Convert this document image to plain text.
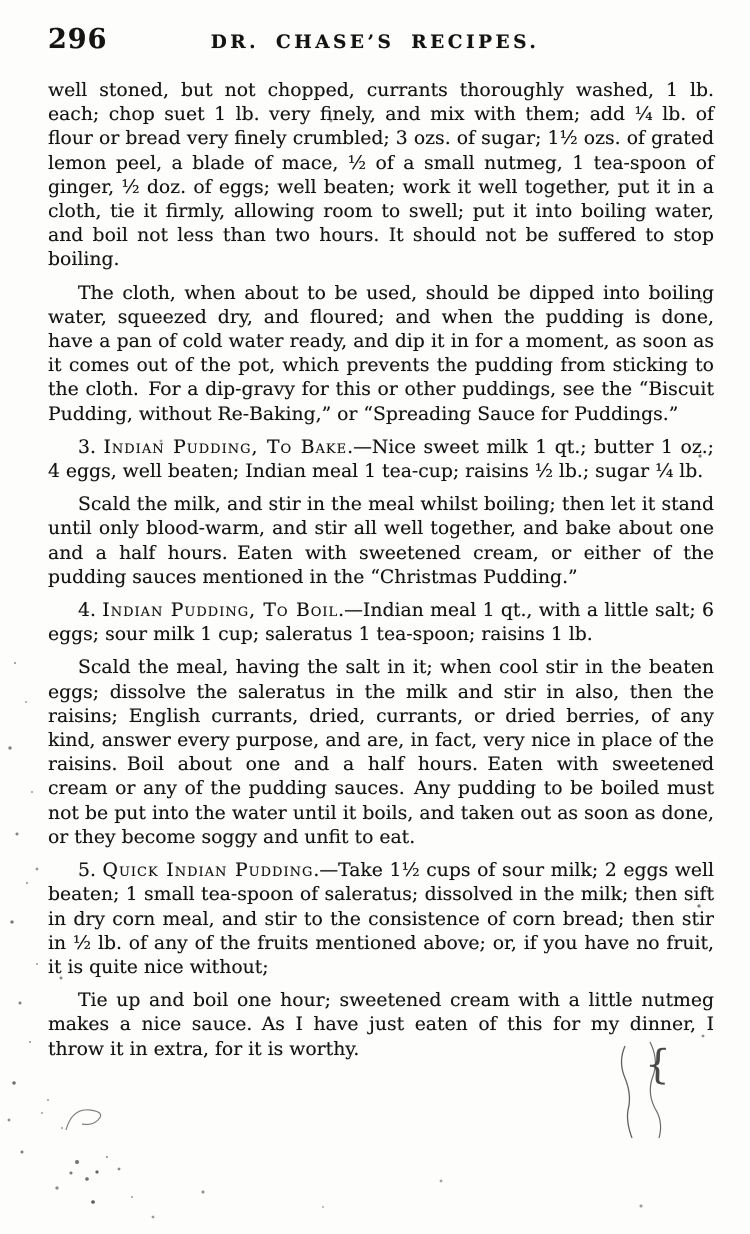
296	DR. CHASE’S RECIPES.

well stoned, but not chopped, currants thoroughly washed, 1 lb. each; chop suet 1 lb. very finely, and mix with them; add ¼ lb. of flour or bread very finely crumbled; 3 ozs. of sugar; 1½ ozs. of grated lemon peel, a blade of mace, ½ of a small nutmeg, 1 tea-spoon of ginger, ½ doz. of eggs; well beaten; work it well together, put it in a cloth, tie it firmly, allowing room to swell; put it into boiling water, and boil not less than two hours. It should not be suffered to stop boiling.

The cloth, when about to be used, should be dipped into boiling water, squeezed dry, and floured; and when the pudding is done, have a pan of cold water ready, and dip it in for a moment, as soon as it comes out of the pot, which prevents the pudding from sticking to the cloth. For a dip-gravy for this or other puddings, see the “Biscuit Pudding, without Re-Baking,” or “Spreading Sauce for Puddings.”

3. Indian Pudding, To Bake.—Nice sweet milk 1 qt.; butter 1 oz.; 4 eggs, well beaten; Indian meal 1 tea-cup; raisins ½ lb.; sugar ¼ lb.

Scald the milk, and stir in the meal whilst boiling; then let it stand until only blood-warm, and stir all well together, and bake about one and a half hours. Eaten with sweetened cream, or either of the pudding sauces mentioned in the “Christmas Pudding.”

4. Indian Pudding, To Boil.—Indian meal 1 qt., with a little salt; 6 eggs; sour milk 1 cup; saleratus 1 tea-spoon; raisins 1 lb.

Scald the meal, having the salt in it; when cool stir in the beaten eggs; dissolve the saleratus in the milk and stir in also, then the raisins; English currants, dried, currants, or dried berries, of any kind, answer every purpose, and are, in fact, very nice in place of the raisins. Boil about one and a half hours. Eaten with sweetened cream or any of the pudding sauces. Any pudding to be boiled must not be put into the water until it boils, and taken out as soon as done, or they become soggy and unfit to eat.

5. Quick Indian Pudding.—Take 1½ cups of sour milk; 2 eggs well beaten; 1 small tea-spoon of saleratus; dissolved in the milk; then sift in dry corn meal, and stir to the consistence of corn bread; then stir in ½ lb. of any of the fruits mentioned above; or, if you have no fruit, it is quite nice without;

Tie up and boil one hour; sweetened cream with a little nutmeg makes a nice sauce. As I have just eaten of this for my dinner, I throw it in extra, for it is worthy.	{
